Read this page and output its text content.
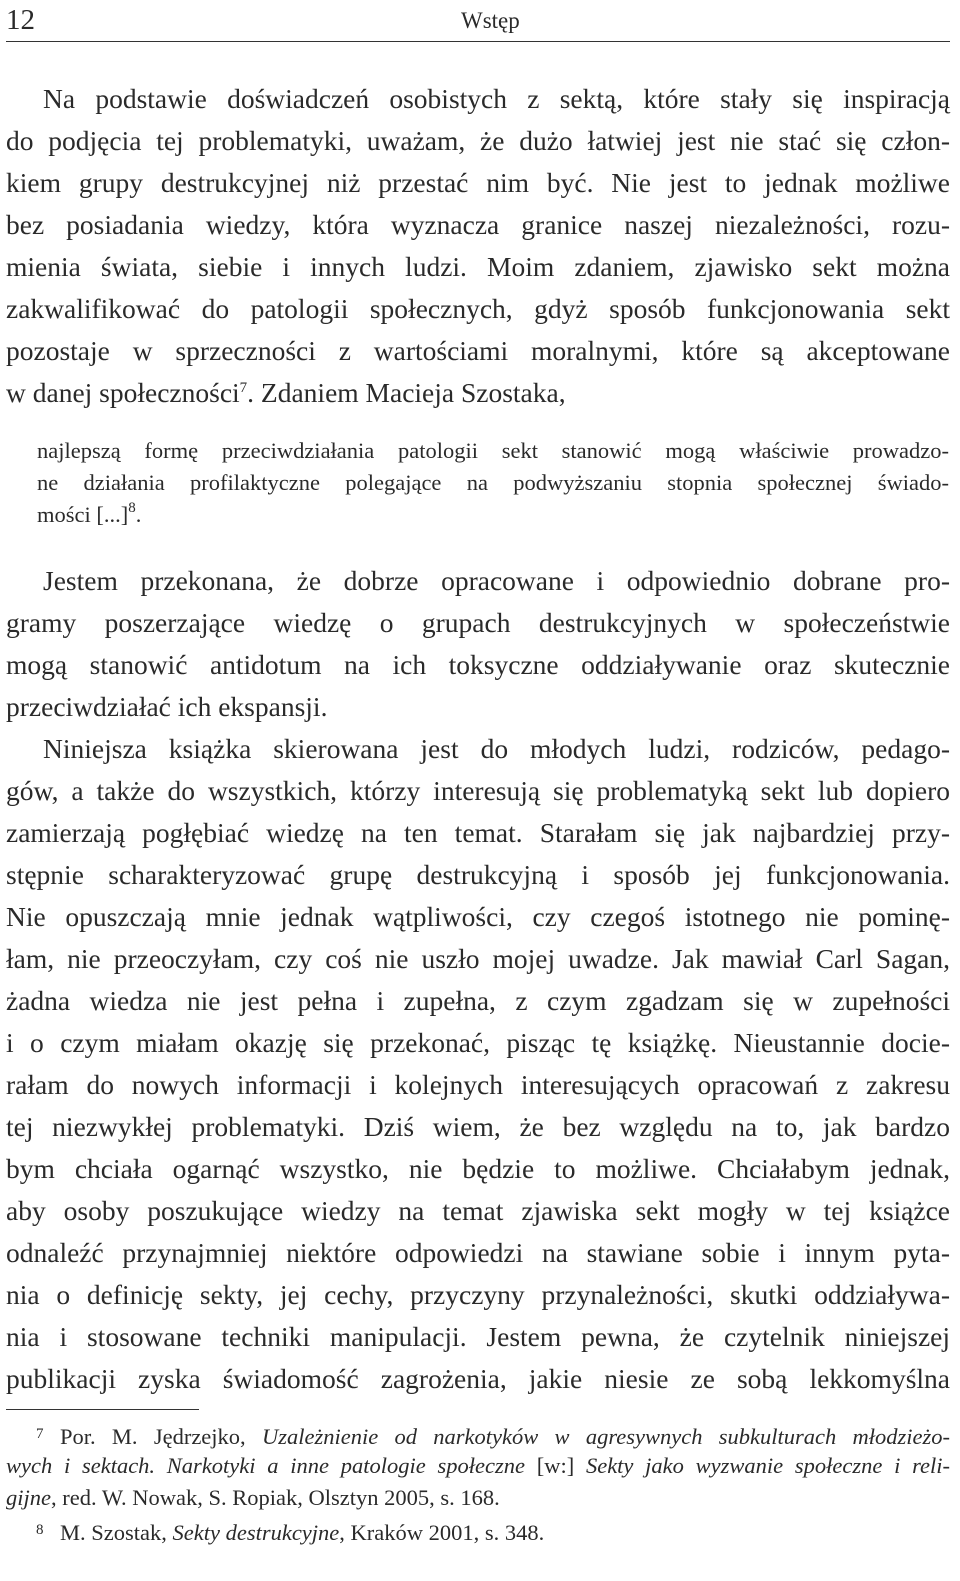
12	Wstęp
Na podstawie doświadczeń osobistych z sektą, które stały się inspiracją
do podjęcia tej problematyki, uważam, że dużo łatwiej jest nie stać się człon-
kiem grupy destrukcyjnej niż przestać nim być. Nie jest to jednak możliwe
bez posiadania wiedzy, która wyznacza granice naszej niezależności, rozu-
mienia świata, siebie i innych ludzi. Moim zdaniem, zjawisko sekt można
zakwalifikować do patologii społecznych, gdyż sposób funkcjonowania sekt
pozostaje w sprzeczności z wartościami moralnymi, które są akceptowane
w danej społeczności$^7$. Zdaniem Macieja Szostaka,
najlepszą formę przeciwdziałania patologii sekt stanowić mogą właściwie prowadzo-
ne działania profilaktyczne polegające na podwyższaniu stopnia społecznej świado-
mości [...]$^8$.
Jestem przekonana, że dobrze opracowane i odpowiednio dobrane pro-
gramy poszerzające wiedzę o grupach destrukcyjnych w społeczeństwie
mogą stanowić antidotum na ich toksyczne oddziaływanie oraz skutecznie
przeciwdziałać ich ekspansji.
Niniejsza książka skierowana jest do młodych ludzi, rodziców, pedago-
gów, a także do wszystkich, którzy interesują się problematyką sekt lub dopiero
zamierzają pogłębiać wiedzę na ten temat. Starałam się jak najbardziej przy-
stępnie scharakteryzować grupę destrukcyjną i sposób jej funkcjonowania.
Nie opuszczają mnie jednak wątpliwości, czy czegoś istotnego nie pominę-
łam, nie przeoczyłam, czy coś nie uszło mojej uwadze. Jak mawiał Carl Sagan,
żadna wiedza nie jest pełna i zupełna, z czym zgadzam się w zupełności
i o czym miałam okazję się przekonać, pisząc tę książkę. Nieustannie docie-
rałam do nowych informacji i kolejnych interesujących opracowań z zakresu
tej niezwykłej problematyki. Dziś wiem, że bez względu na to, jak bardzo
bym chciała ogarnąć wszystko, nie będzie to możliwe. Chciałabym jednak,
aby osoby poszukujące wiedzy na temat zjawiska sekt mogły w tej książce
odnaleźć przynajmniej niektóre odpowiedzi na stawiane sobie i innym pyta-
nia o definicję sekty, jej cechy, przyczyny przynależności, skutki oddziaływa-
nia i stosowane techniki manipulacji. Jestem pewna, że czytelnik niniejszej
publikacji zyska świadomość zagrożenia, jakie niesie ze sobą lekkomyślna
7 Por. M. Jędrzejko, Uzależnienie od narkotyków w agresywnych subkulturach młodzieżo-
wych i sektach. Narkotyki a inne patologie społeczne [w:] Sekty jako wyzwanie społeczne i reli-
gijne, red. W. Nowak, S. Ropiak, Olsztyn 2005, s. 168.
8 M. Szostak, Sekty destrukcyjne, Kraków 2001, s. 348.
